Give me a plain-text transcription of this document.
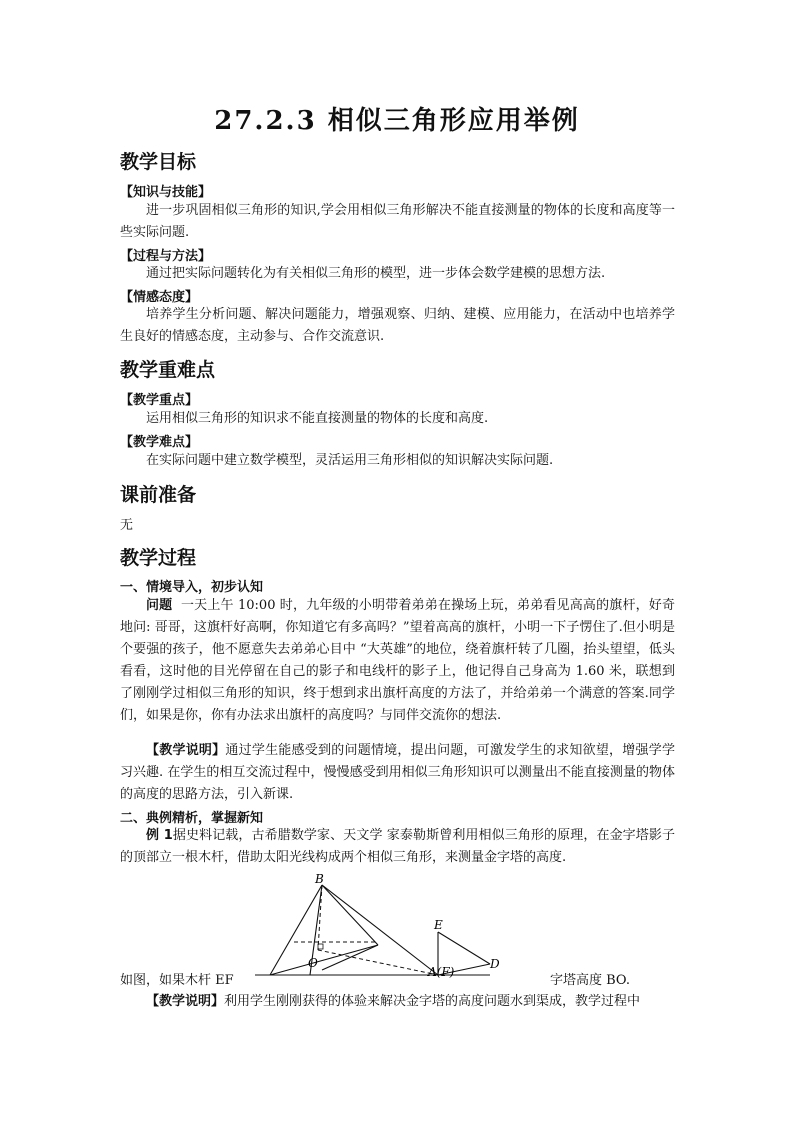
27.2.3 相似三角形应用举例
教学目标
【知识与技能】
进一步巩固相似三角形的知识,学会用相似三角形解决不能直接测量的物体的长度和高度等一 些实际问题.
【过程与方法】
通过把实际问题转化为有关相似三角形的模型，进一步体会数学建模的思想方法.
【情感态度】
培养学生分析问题、解决问题能力，增强观察、归纳、建模、应用能力，在活动中也培养学生良好的情感态度，主动参与、合作交流意识.
教学重难点
【教学重点】
运用相似三角形的知识求不能直接测量的物体的长度和高度.
【教学难点】
在实际问题中建立数学模型，灵活运用三角形相似的知识解决实际问题.
课前准备
无
教学过程
一、情境导入，初步认知
问题 一天上午 10:00 时，九年级的小明带着弟弟在操场上玩，弟弟看见高高的旗杆，好奇地问: 哥哥，这旗杆好高啊，你知道它有多高吗？”望着高高的旗杆，小明一下子愣住了.但小明是个要强的孩子，他不愿意失去弟弟心目中 “大英雄”的地位，绕着旗杆转了几圈，抬头望望，低头看看，这时他的目光停留在自己的影子和电线杆的影子上，他记得自己身高为 1.60 米，联想到了刚刚学过相似三角形的知识，终于想到求出旗杆高度的方法了，并给弟弟一个满意的答案.同学们，如果是你，你有办法求出旗杆的高度吗？与同伴交流你的想法.
【教学说明】通过学生能感受到的问题情境，提出问题，可激发学生的求知欲望，增强学学习兴趣. 在学生的相互交流过程中，慢慢感受到用相似三角形知识可以测量出不能直接测量的物体的高度的思路方法，引入新课.
二、典例精析，掌握新知
例 1据史料记载，古希腊数学家、天文学 家泰勒斯曾利用相似三角形的原理，在金字塔影子的顶部立一根木杆，借助太阳光线构成两个相似三角形，来测量金字塔的高度.
B
E
O
A(F)
D
如图，如果木杆 EF	字塔高度 BO.
【教学说明】利用学生刚刚获得的体验来解决金字塔的高度问题水到渠成，教学过程中
